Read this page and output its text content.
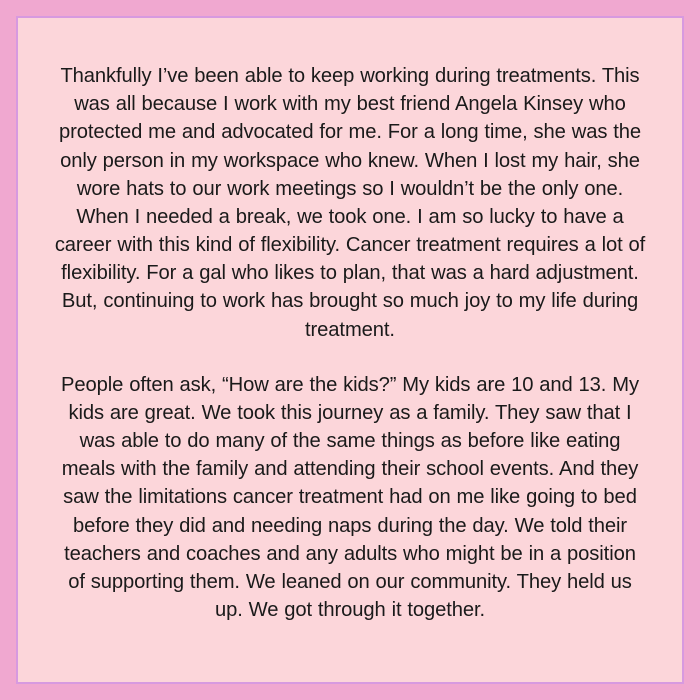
Thankfully I’ve been able to keep working during treatments. This was all because I work with my best friend Angela Kinsey who protected me and advocated for me. For a long time, she was the only person in my workspace who knew. When I lost my hair, she wore hats to our work meetings so I wouldn’t be the only one. When I needed a break, we took one. I am so lucky to have a career with this kind of flexibility. Cancer treatment requires a lot of flexibility. For a gal who likes to plan, that was a hard adjustment. But, continuing to work has brought so much joy to my life during treatment.

People often ask, “How are the kids?” My kids are 10 and 13. My kids are great. We took this journey as a family. They saw that I was able to do many of the same things as before like eating meals with the family and attending their school events. And they saw the limitations cancer treatment had on me like going to bed before they did and needing naps during the day. We told their teachers and coaches and any adults who might be in a position of supporting them. We leaned on our community. They held us up. We got through it together.
